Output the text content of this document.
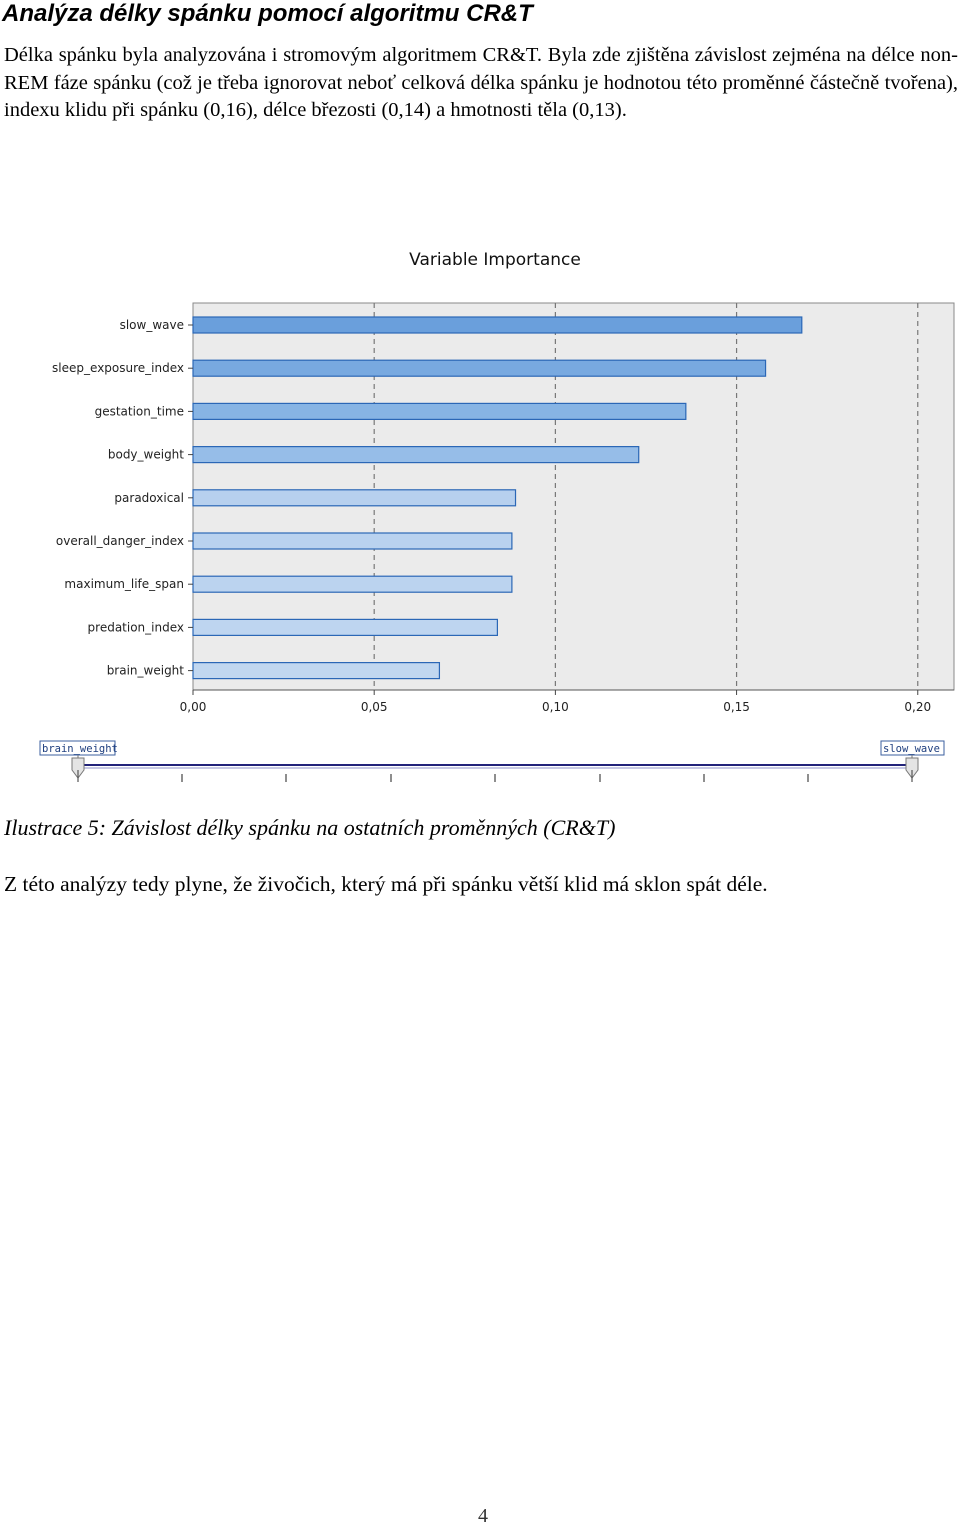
Analýza délky spánku pomocí algoritmu CR&T

Délka spánku byla analyzována i stromovým algoritmem CR&T. Byla zde zjištěna závislost zejména na délce non-REM fáze spánku (což je třeba ignorovat neboť celková délka spánku je hodnotou této proměnné částečně tvořena), indexu klidu při spánku (0,16), délce březosti (0,14) a hmotnosti těla (0,13).

Variable Importance
slow_wave
sleep_exposure_index
gestation_time
body_weight
paradoxical
overall_danger_index
maximum_life_span
predation_index
brain_weight
0,00	0,05	0,10	0,15	0,20
brain_weight	slow_wave

Ilustrace 5: Závislost délky spánku na ostatních proměnných (CR&T)

Z této analýzy tedy plyne, že živočich, který má při spánku větší klid má sklon spát déle.

4
